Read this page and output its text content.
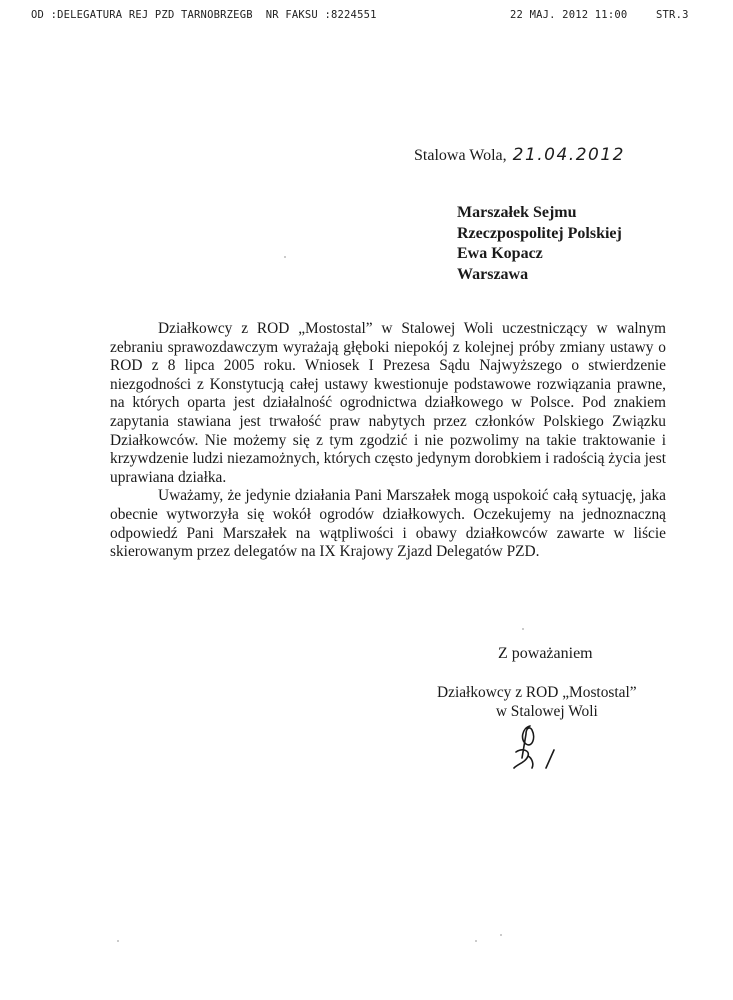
OD :DELEGATURA REJ PZD TARNOBRZEGB  NR FAKSU :8224551

	22 MAJ. 2012 11:00

	STR.3

Stalowa Wola, 21.04.2012
Marszałek Sejmu
Rzeczpospolitej Polskiej
Ewa Kopacz
Warszawa

Działkowcy z ROD „Mostostal” w Stalowej Woli uczestniczący w walnym zebraniu sprawozdawczym wyrażają głęboki niepokój z kolejnej próby zmiany ustawy o ROD z 8 lipca 2005 roku. Wniosek I Prezesa Sądu Najwyższego o stwierdzenie niezgodności z Konstytucją całej ustawy kwestionuje podstawowe rozwiązania prawne, na których oparta jest działalność ogrodnictwa działkowego w Polsce. Pod znakiem zapytania stawiana jest trwałość praw nabytych przez członków Polskiego Związku Działkowców. Nie możemy się z tym zgodzić i nie pozwolimy na takie traktowanie i krzywdzenie ludzi niezamożnych, których często jedynym dorobkiem i radością życia jest uprawiana działka.

Uważamy, że jedynie działania Pani Marszałek mogą uspokoić całą sytuację, jaka obecnie wytworzyła się wokół ogrodów działkowych. Oczekujemy na jednoznaczną odpowiedź Pani Marszałek na wątpliwości i obawy działkowców zawarte w liście skierowanym przez delegatów na IX Krajowy Zjazd Delegatów PZD.

Z poważaniem
Działkowcy z ROD „Mostostal”
w Stalowej Woli
